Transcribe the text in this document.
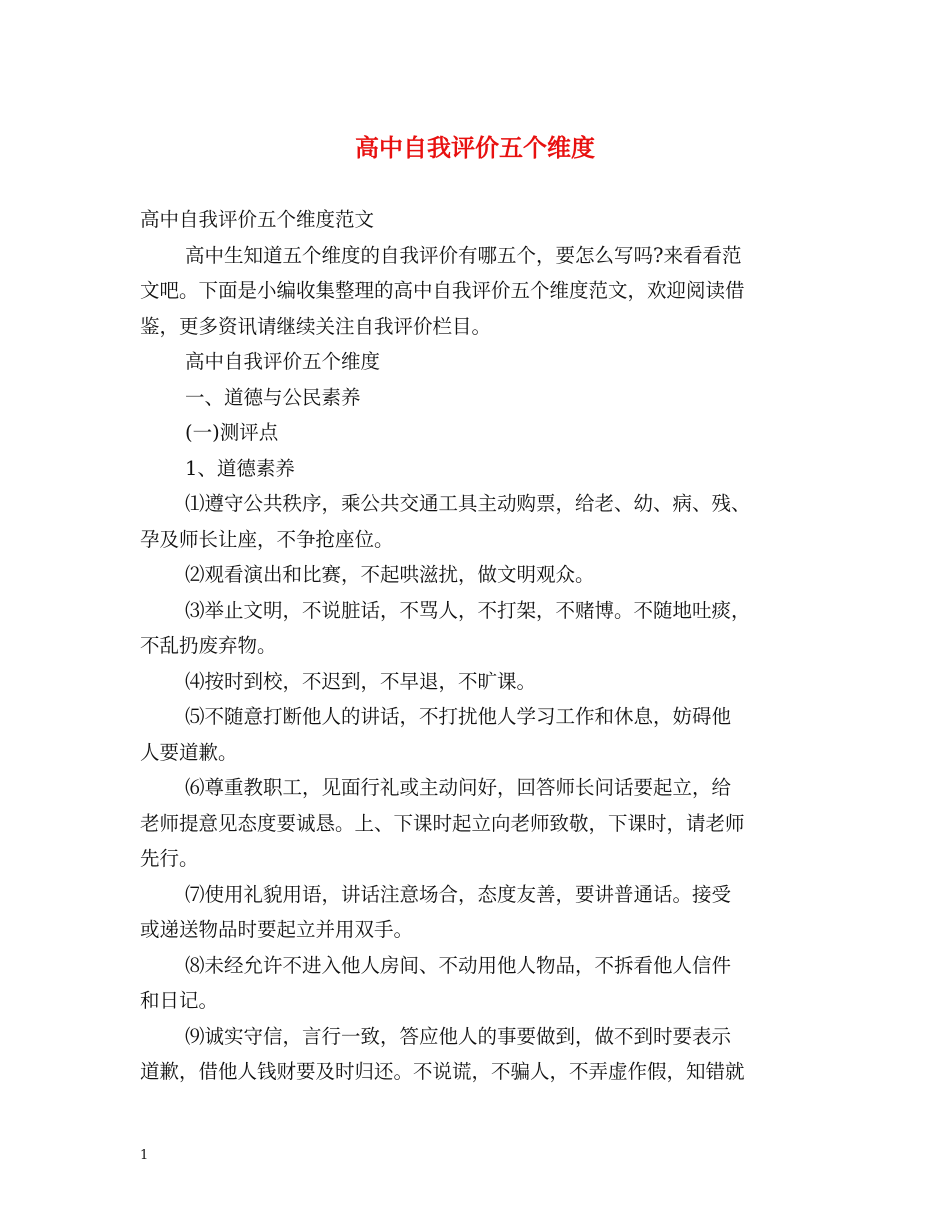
高中自我评价五个维度

高中自我评价五个维度范文

高中生知道五个维度的自我评价有哪五个，要怎么写吗?来看看范

文吧。下面是小编收集整理的高中自我评价五个维度范文，欢迎阅读借

鉴，更多资讯请继续关注自我评价栏目。

高中自我评价五个维度

一、道德与公民素养

(一)测评点

1、道德素养

⑴遵守公共秩序，乘公共交通工具主动购票，给老、幼、病、残、

孕及师长让座，不争抢座位。

⑵观看演出和比赛，不起哄滋扰，做文明观众。

⑶举止文明，不说脏话，不骂人，不打架，不赌博。不随地吐痰，

不乱扔废弃物。

⑷按时到校，不迟到，不早退，不旷课。

⑸不随意打断他人的讲话，不打扰他人学习工作和休息，妨碍他

人要道歉。

⑹尊重教职工，见面行礼或主动问好，回答师长问话要起立，给

老师提意见态度要诚恳。上、下课时起立向老师致敬，下课时，请老师

先行。

⑺使用礼貌用语，讲话注意场合，态度友善，要讲普通话。接受

或递送物品时要起立并用双手。

⑻未经允许不进入他人房间、不动用他人物品，不拆看他人信件

和日记。

⑼诚实守信，言行一致，答应他人的事要做到，做不到时要表示

道歉，借他人钱财要及时归还。不说谎，不骗人，不弄虚作假，知错就

1
